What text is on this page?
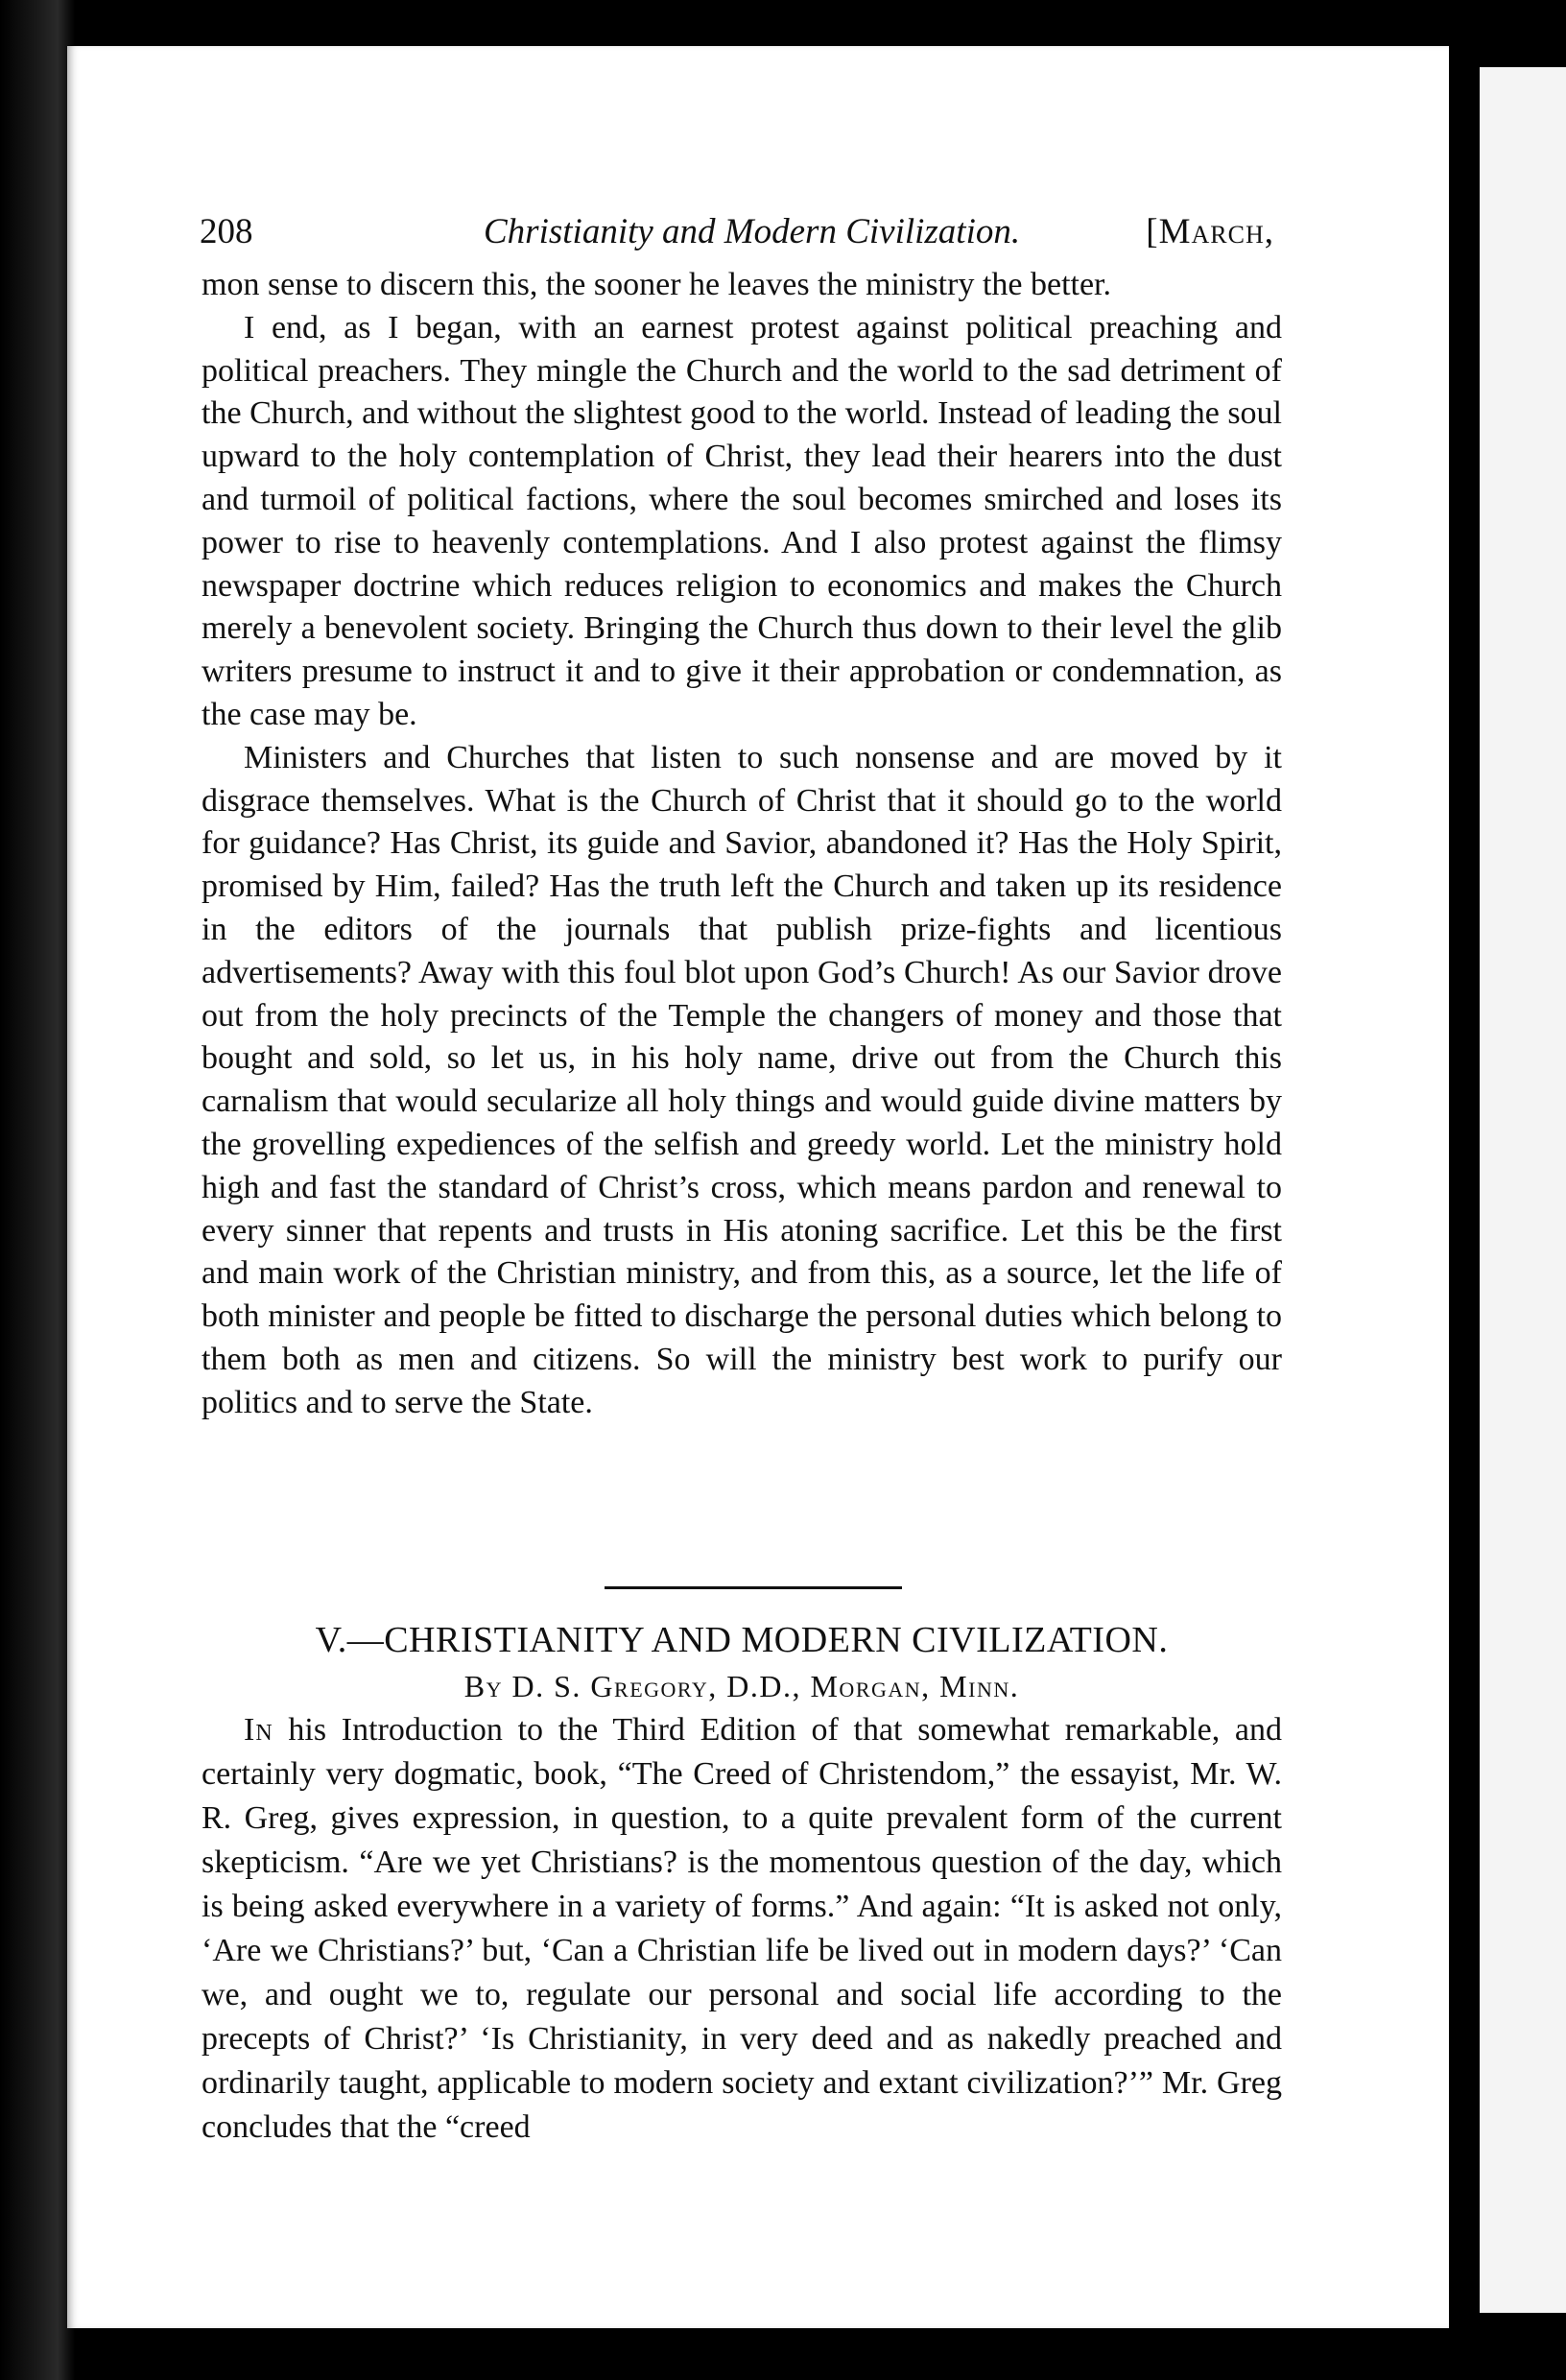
208	Christianity and Modern Civilization.	[March,

mon sense to discern this, the sooner he leaves the ministry the better.

I end, as I began, with an earnest protest against political preaching and political preachers. They mingle the Church and the world to the sad detriment of the Church, and without the slightest good to the world. Instead of leading the soul upward to the holy contemplation of Christ, they lead their hearers into the dust and turmoil of political factions, where the soul becomes smirched and loses its power to rise to heavenly contemplations. And I also protest against the flimsy newspaper doctrine which reduces religion to economics and makes the Church merely a benevolent society. Bringing the Church thus down to their level the glib writers presume to instruct it and to give it their approbation or condemnation, as the case may be.

Ministers and Churches that listen to such nonsense and are moved by it disgrace themselves. What is the Church of Christ that it should go to the world for guidance? Has Christ, its guide and Savior, abandoned it? Has the Holy Spirit, promised by Him, failed? Has the truth left the Church and taken up its residence in the editors of the journals that publish prize-fights and licentious advertisements? Away with this foul blot upon God’s Church! As our Savior drove out from the holy precincts of the Temple the changers of money and those that bought and sold, so let us, in his holy name, drive out from the Church this carnalism that would secularize all holy things and would guide divine matters by the grovelling expediences of the selfish and greedy world. Let the ministry hold high and fast the standard of Christ’s cross, which means pardon and renewal to every sinner that repents and trusts in His atoning sacrifice. Let this be the first and main work of the Christian ministry, and from this, as a source, let the life of both minister and people be fitted to discharge the personal duties which belong to them both as men and citizens. So will the ministry best work to purify our politics and to serve the State.

V.—CHRISTIANITY AND MODERN CIVILIZATION.
By D. S. Gregory, D.D., Morgan, Minn.

In his Introduction to the Third Edition of that somewhat remarkable, and certainly very dogmatic, book, “The Creed of Christendom,” the essayist, Mr. W. R. Greg, gives expression, in question, to a quite prevalent form of the current skepticism. “Are we yet Christians? is the momentous question of the day, which is being asked everywhere in a variety of forms.” And again: “It is asked not only, ‘Are we Christians?’ but, ‘Can a Christian life be lived out in modern days?’ ‘Can we, and ought we to, regulate our personal and social life according to the precepts of Christ?’ ‘Is Christianity, in very deed and as nakedly preached and ordinarily taught, applicable to modern society and extant civilization?’” Mr. Greg concludes that the “creed
